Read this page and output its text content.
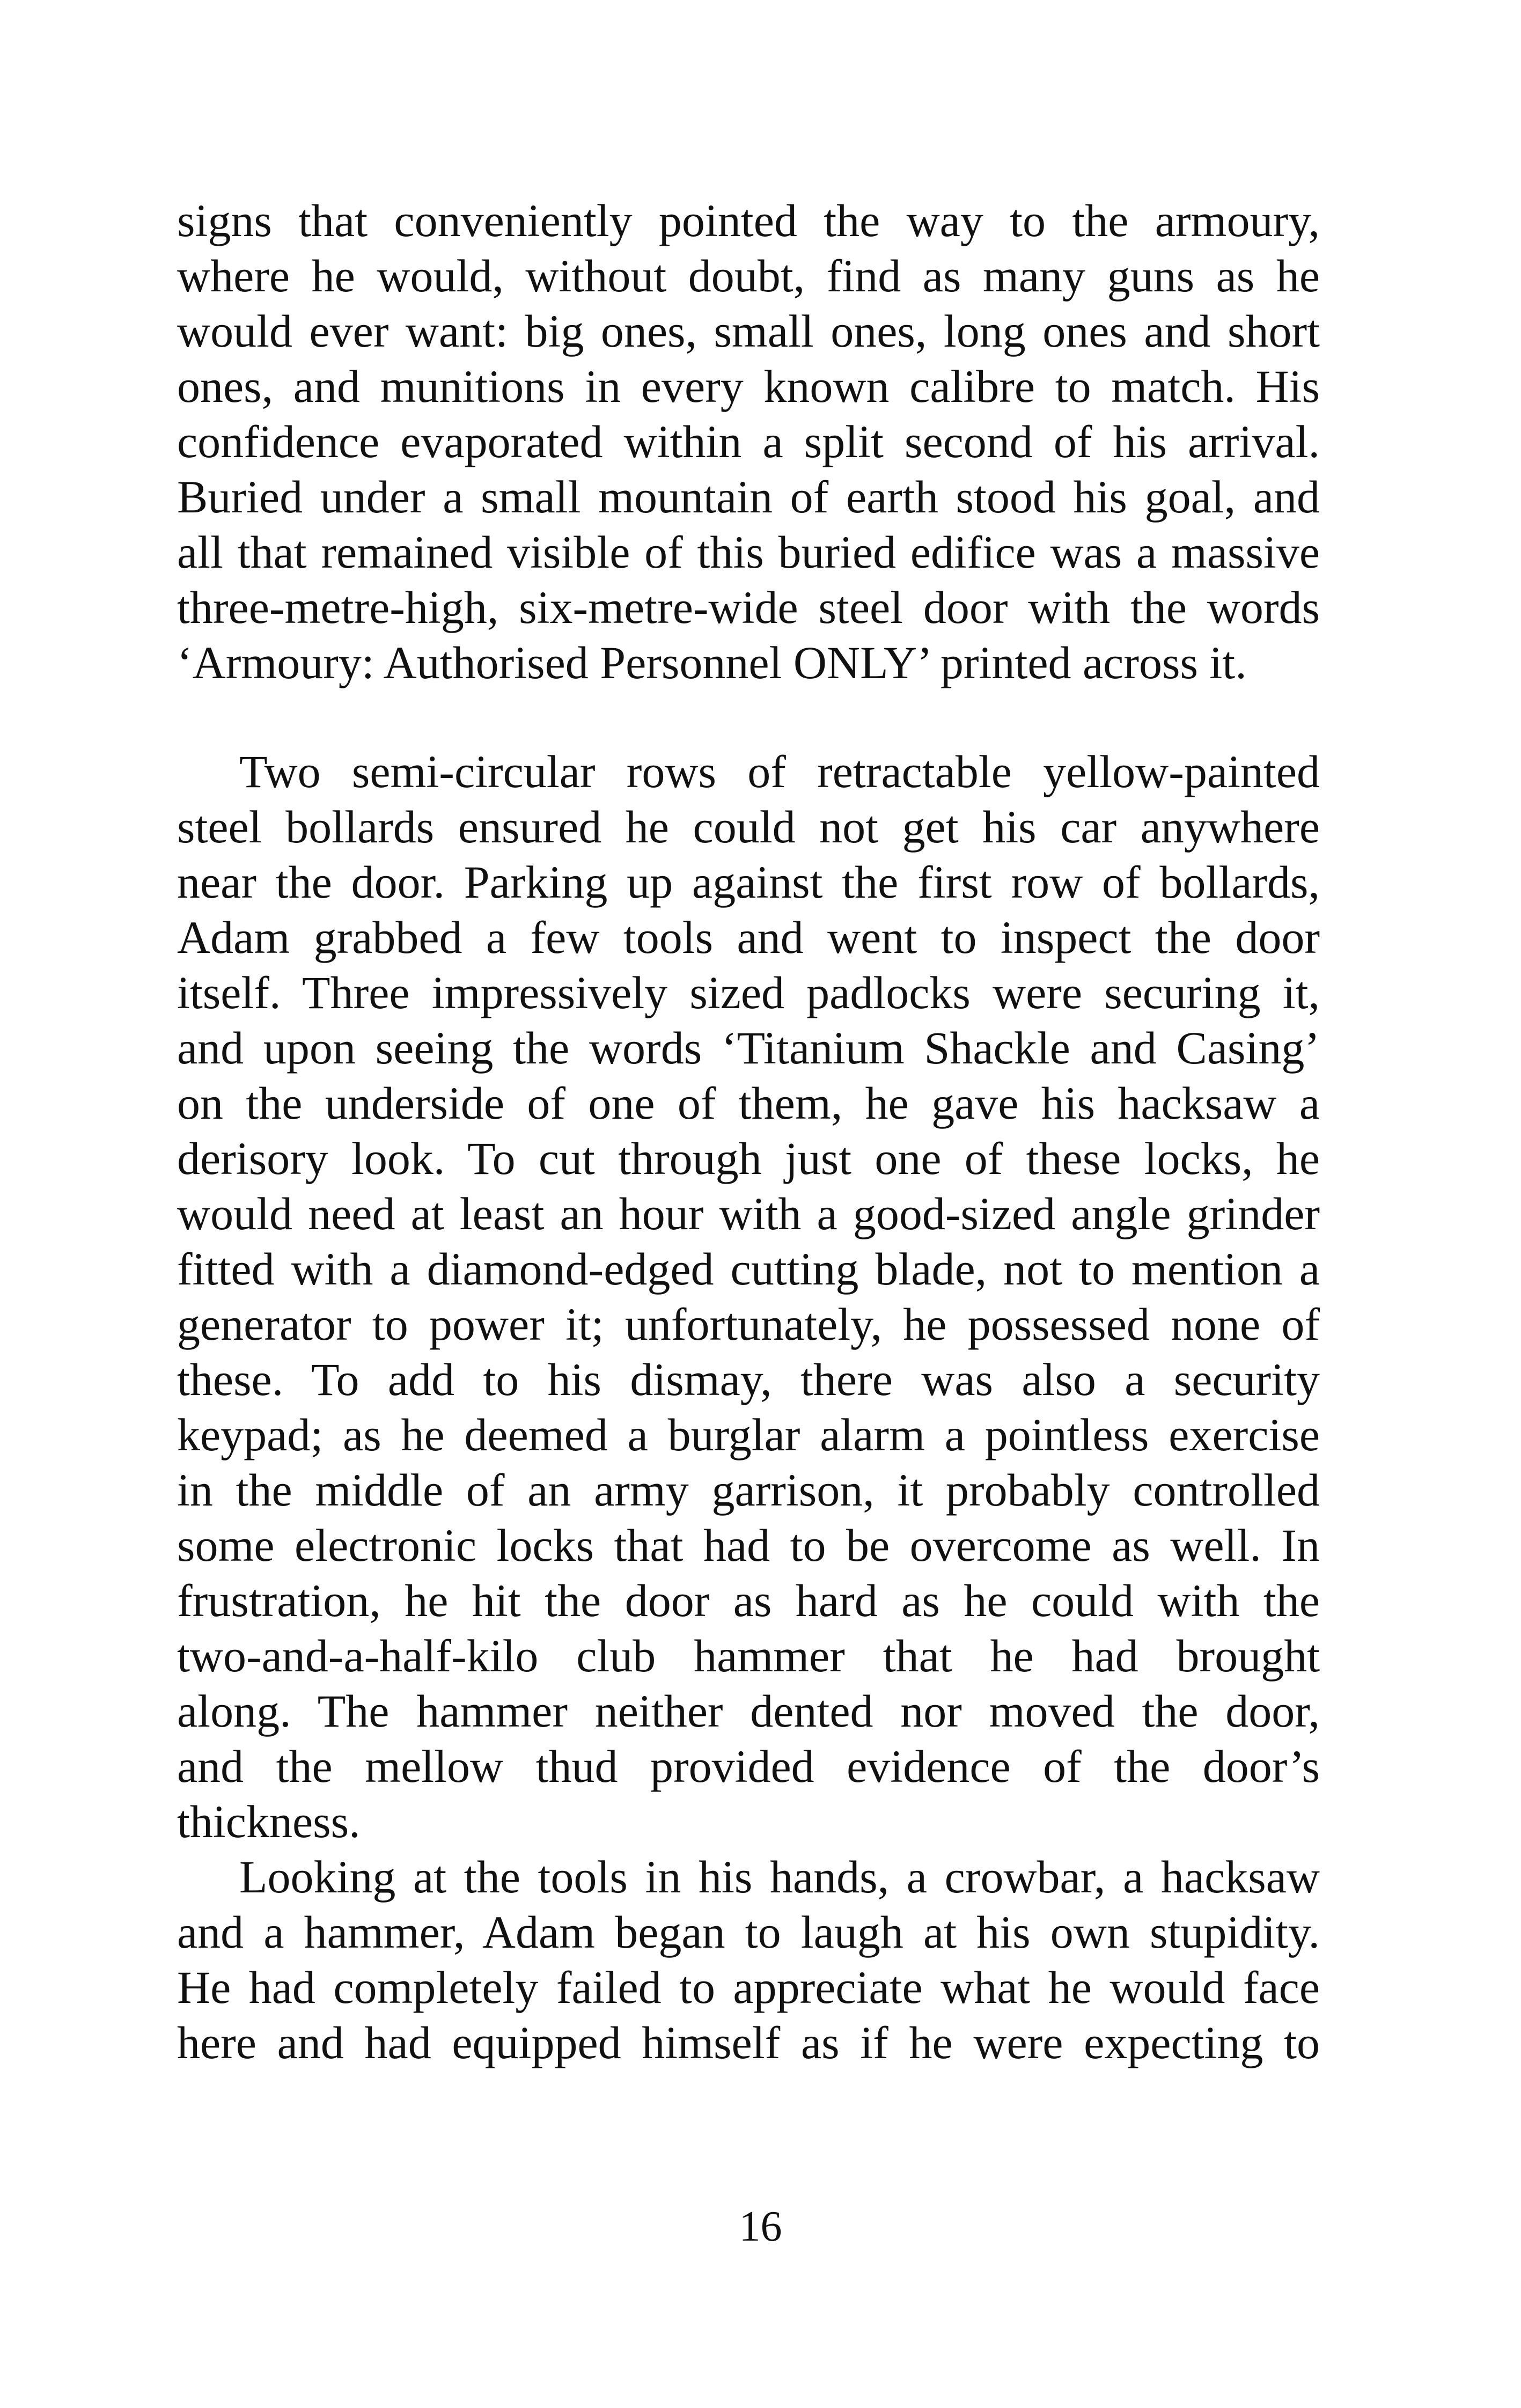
signs that conveniently pointed the way to the armoury,
where he would, without doubt, find as many guns as he
would ever want: big ones, small ones, long ones and short
ones, and munitions in every known calibre to match. His
confidence evaporated within a split second of his arrival.
Buried under a small mountain of earth stood his goal, and
all that remained visible of this buried edifice was a massive
three-metre-high, six-metre-wide steel door with the words
‘Armoury: Authorised Personnel ONLY’ printed across it.
Two semi-circular rows of retractable yellow-painted
steel bollards ensured he could not get his car anywhere
near the door. Parking up against the first row of bollards,
Adam grabbed a few tools and went to inspect the door
itself. Three impressively sized padlocks were securing it,
and upon seeing the words ‘Titanium Shackle and Casing’
on the underside of one of them, he gave his hacksaw a
derisory look. To cut through just one of these locks, he
would need at least an hour with a good-sized angle grinder
fitted with a diamond-edged cutting blade, not to mention a
generator to power it; unfortunately, he possessed none of
these. To add to his dismay, there was also a security
keypad; as he deemed a burglar alarm a pointless exercise
in the middle of an army garrison, it probably controlled
some electronic locks that had to be overcome as well. In
frustration, he hit the door as hard as he could with the
two-and-a-half-kilo club hammer that he had brought
along. The hammer neither dented nor moved the door,
and the mellow thud provided evidence of the door’s
thickness.
Looking at the tools in his hands, a crowbar, a hacksaw
and a hammer, Adam began to laugh at his own stupidity.
He had completely failed to appreciate what he would face
here and had equipped himself as if he were expecting to
16
